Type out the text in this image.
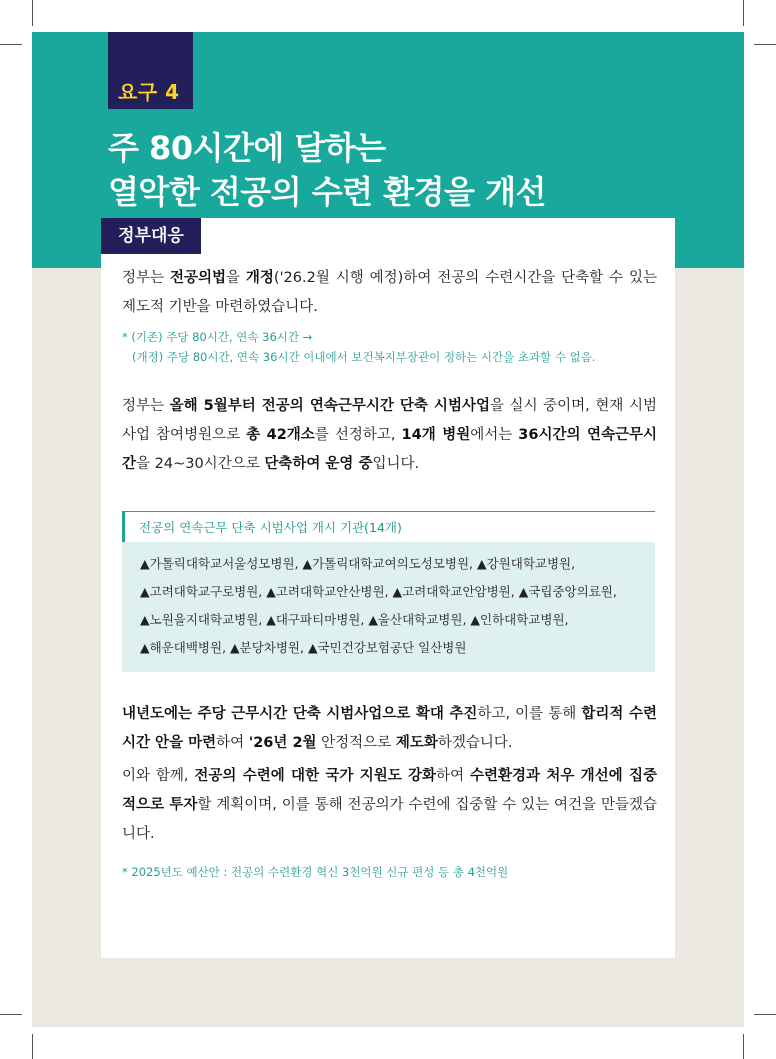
요구 4
주 80시간에 달하는
열악한 전공의 수련 환경을 개선
정부대응

정부는 전공의법을 개정('26.2월 시행 예정)하여 전공의 수련시간을 단축할 수 있는 제도적 기반을 마련하였습니다.

* (기존) 주당 80시간, 연속 36시간 →
(개정) 주당 80시간, 연속 36시간 이내에서 보건복지부장관이 정하는 시간을 초과할 수 없음.

정부는 올해 5월부터 전공의 연속근무시간 단축 시범사업을 실시 중이며, 현재 시범사업 참여병원으로 총 42개소를 선정하고, 14개 병원에서는 36시간의 연속근무시간을 24~30시간으로 단축하여 운영 중입니다.

전공의 연속근무 단축 시범사업 개시 기관(14개)

▲가톨릭대학교서울성모병원, ▲가톨릭대학교여의도성모병원, ▲강원대학교병원,

▲고려대학교구로병원, ▲고려대학교안산병원, ▲고려대학교안암병원, ▲국립중앙의료원,

▲노원을지대학교병원, ▲대구파티마병원, ▲울산대학교병원, ▲인하대학교병원,

▲해운대백병원, ▲분당차병원, ▲국민건강보험공단 일산병원

내년도에는 주당 근무시간 단축 시범사업으로 확대 추진하고, 이를 통해 합리적 수련시간 안을 마련하여 '26년 2월 안정적으로 제도화하겠습니다.

이와 함께, 전공의 수련에 대한 국가 지원도 강화하여 수련환경과 처우 개선에 집중적으로 투자할 계획이며, 이를 통해 전공의가 수련에 집중할 수 있는 여건을 만들겠습니다.

* 2025년도 예산안 : 전공의 수련환경 혁신 3천억원 신규 편성 등 총 4천억원
